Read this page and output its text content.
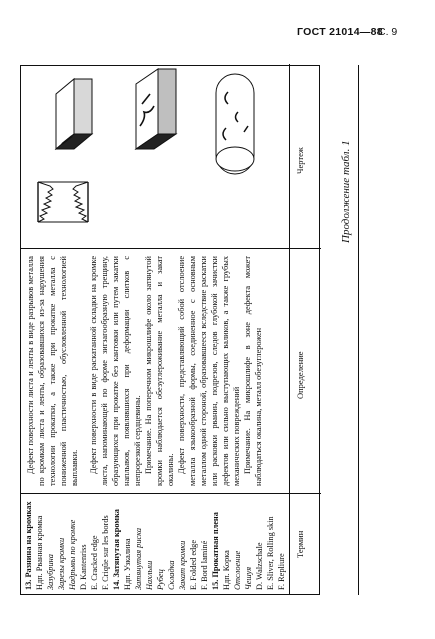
ГОСТ 21014—88
С. 9
Продолжение табл. 1
Термин
Определение
Чертеж
13. Разнина на кромках Ндп. Рванная кромка Зазубрина Зарезы кромки Надрывы по кромке D. Kantenriss E. Cracked edge F. Criqûe sur les bords 14. Затянутая кромка Ндп. Узкалина Затянутая риска Нахлыш Рубец Складка Закат кромки E. Folded edge F. Bord laminé 15. Прокатная плена Ндп. Корка Отслоение Чешуя D. Walzschale E. Sliver, Rolling skin F. Repliure

Дефект поверхности листа и ленты в виде разрывов металла по кромкам листа и ленты, образовавшихся из-за нарушения технологии прокатки, а также при прокатке металла с пониженной пластичностью, обусловленной технологией выплавки. Дефект поверхности в виде раскатанной складки на кромке листа, напоминающей по форме зигзагообразную трещину, образующихся при прокатке без кантовки или путем закатки наплывов, появлявшихся при деформации слитков с непрорезкой сердцевины. Примечание. На поперечном микрошлифе около затянутой кромки наблюдается обезуглероживание металла и закат окалины. Дефект поверхности, представляющий собой отслоение металла языкообразной формы, соединенное с основным металлом одной стороной, образовавшееся вследствие раскатки или расковки рванин, подрезов, следов глубокой зачистки дефектов или сильно выступающих валиков, а также грубых механических повреждений Примечание. На микрошлифе в зоне дефекта может наблюдаться окалина, металл обезуглерожен
